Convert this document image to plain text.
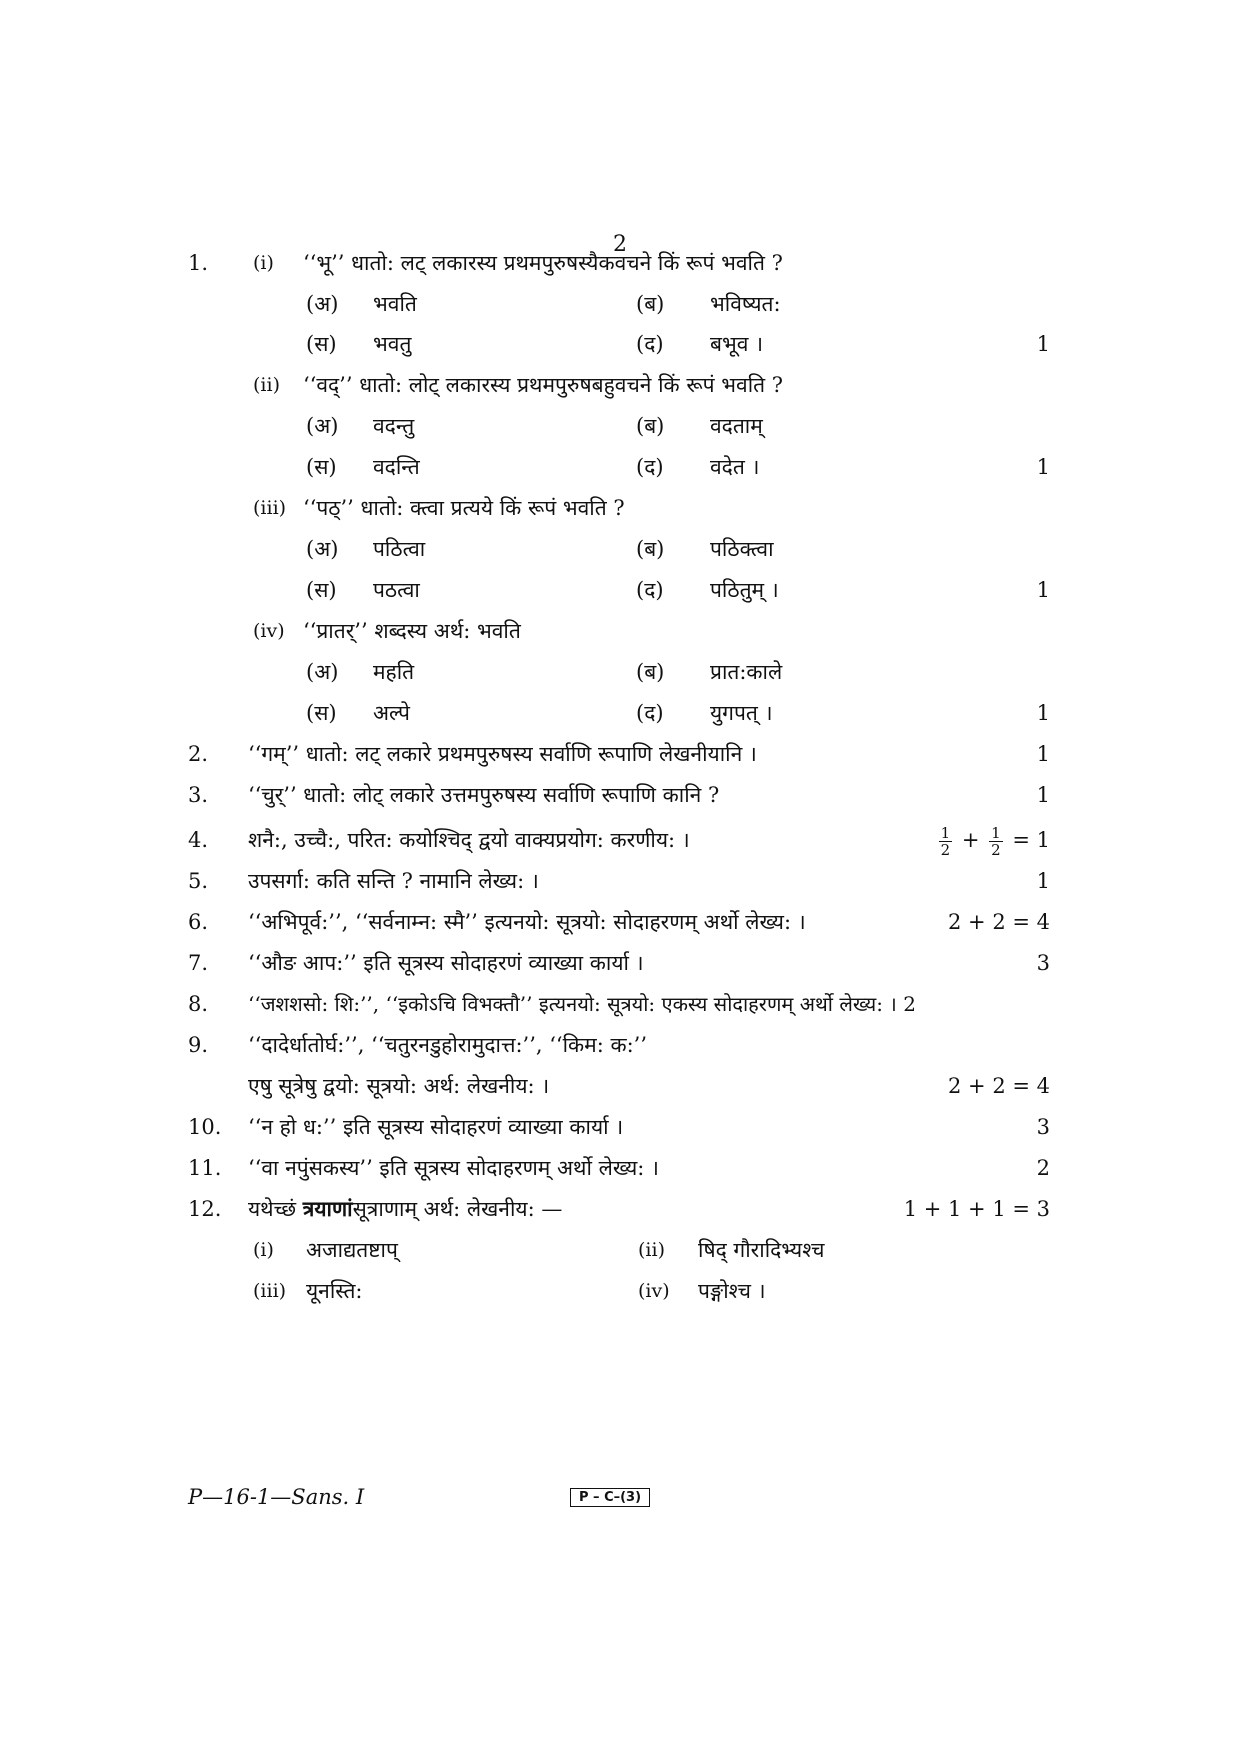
2
1. (i) ‘‘भू’’ धातो: लट् लकारस्य प्रथमपुरुषस्यैकवचने किं रूपं भवति ?
(अ) भवति	(ब) भविष्यत:
(स) भवतु	(द) बभूव ।	1
(ii) ‘‘वद्’’ धातो: लोट् लकारस्य प्रथमपुरुषबहुवचने किं रूपं भवति ?
(अ) वदन्तु	(ब) वदताम्
(स) वदन्ति	(द) वदेत ।	1
(iii) ‘‘पठ्’’ धातो: क्त्वा प्रत्यये किं रूपं भवति ?
(अ) पठित्वा	(ब) पठिक्त्वा
(स) पठत्वा	(द) पठितुम् ।	1
(iv) ‘‘प्रातर्’’ शब्दस्य अर्थ: भवति
(अ) महति	(ब) प्रात:काले
(स) अल्पे	(द) युगपत् ।	1
2. ‘‘गम्’’ धातो: लट् लकारे प्रथमपुरुषस्य सर्वाणि रूपाणि लेखनीयानि ।	1
3. ‘‘चुर्’’ धातो: लोट् लकारे उत्तमपुरुषस्य सर्वाणि रूपाणि कानि ?	1
4. शनै:, उच्चै:, परित: कयोश्चिद् द्वयो वाक्यप्रयोग: करणीय: ।	$\frac{1}{2} + \frac{1}{2} = 1$
5. उपसर्गा: कति सन्ति ? नामानि लेख्य: ।	1
6. ‘‘अभिपूर्व:’’, ‘‘सर्वनाम्न: स्मै’’ इत्यनयो: सूत्रयो: सोदाहरणम् अर्थो लेख्य: ।	2 + 2 = 4
7. ‘‘औङ आप:’’ इति सूत्रस्य सोदाहरणं व्याख्या कार्या ।	3
8. ‘‘जशशसो: शि:’’, ‘‘इकोऽचि विभक्तौ’’ इत्यनयो: सूत्रयो: एकस्य सोदाहरणम् अर्थो लेख्य: । 2
9. ‘‘दादेर्धातोर्घ:’’, ‘‘चतुरनडुहोरामुदात्त:’’, ‘‘किम: क:’’
एषु सूत्रेषु द्वयो: सूत्रयो: अर्थ: लेखनीय: ।	2 + 2 = 4
10. ‘‘न हो ध:’’ इति सूत्रस्य सोदाहरणं व्याख्या कार्या ।	3
11. ‘‘वा नपुंसकस्य’’ इति सूत्रस्य सोदाहरणम् अर्थो लेख्य: ।	2
12. यथेच्छं त्रयाणांसूत्राणाम् अर्थ: लेखनीय: —	1 + 1 + 1 = 3
(i) अजाद्यतष्टाप्	(ii) षिद् गौरादिभ्यश्च
(iii) यूनस्ति:	(iv) पङ्गोश्च ।
P—16-1—Sans. I	P – C–(3)
